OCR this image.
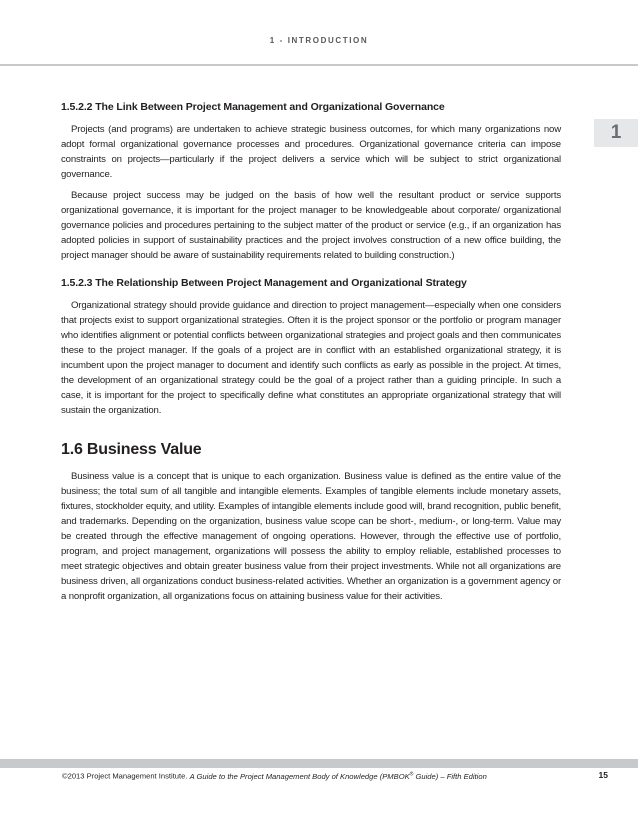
1 - INTRODUCTION
1
1.5.2.2 The Link Between Project Management and Organizational Governance

Projects (and programs) are undertaken to achieve strategic business outcomes, for which many organizations now adopt formal organizational governance processes and procedures. Organizational governance criteria can impose constraints on projects—particularly if the project delivers a service which will be subject to strict organizational governance.

Because project success may be judged on the basis of how well the resultant product or service supports organizational governance, it is important for the project manager to be knowledgeable about corporate/ organizational governance policies and procedures pertaining to the subject matter of the product or service (e.g., if an organization has adopted policies in support of sustainability practices and the project involves construction of a new office building, the project manager should be aware of sustainability requirements related to building construction.)

1.5.2.3 The Relationship Between Project Management and Organizational Strategy

Organizational strategy should provide guidance and direction to project management—especially when one considers that projects exist to support organizational strategies. Often it is the project sponsor or the portfolio or program manager who identifies alignment or potential conflicts between organizational strategies and project goals and then communicates these to the project manager. If the goals of a project are in conflict with an established organizational strategy, it is incumbent upon the project manager to document and identify such conflicts as early as possible in the project. At times, the development of an organizational strategy could be the goal of a project rather than a guiding principle. In such a case, it is important for the project to specifically define what constitutes an appropriate organizational strategy that will sustain the organization.

1.6 Business Value

Business value is a concept that is unique to each organization. Business value is defined as the entire value of the business; the total sum of all tangible and intangible elements. Examples of tangible elements include monetary assets, fixtures, stockholder equity, and utility. Examples of intangible elements include good will, brand recognition, public benefit, and trademarks. Depending on the organization, business value scope can be short-, medium-, or long-term. Value may be created through the effective management of ongoing operations. However, through the effective use of portfolio, program, and project management, organizations will possess the ability to employ reliable, established processes to meet strategic objectives and obtain greater business value from their project investments. While not all organizations are business driven, all organizations conduct business-related activities. Whether an organization is a government agency or a nonprofit organization, all organizations focus on attaining business value for their activities.

©2013 Project Management Institute. A Guide to the Project Management Body of Knowledge (PMBOK® Guide) – Fifth Edition	15
